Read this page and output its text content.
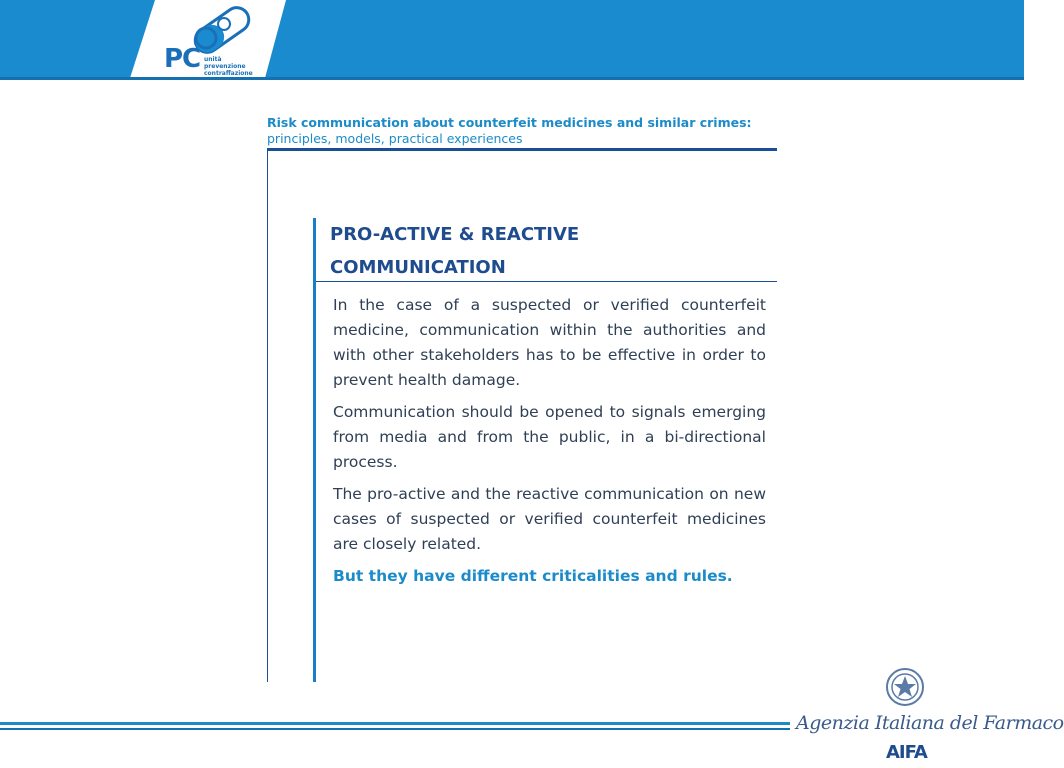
PC unità
prevenzione
contraffazione
Risk communication about counterfeit medicines and similar crimes:
principles, models, practical experiences
PRO-ACTIVE & REACTIVE
COMMUNICATION

In the case of a suspected or verified counterfeit medicine, communication within the authorities and with other stakeholders has to be effective in order to prevent health damage.

Communication should be opened to signals emerging from media and from the public, in a bi-directional process.

The pro-active and the reactive communication on new cases of suspected or verified counterfeit medicines are closely related.

But they have different criticalities and rules.

Agenzia Italiana del Farmaco
AIFA
